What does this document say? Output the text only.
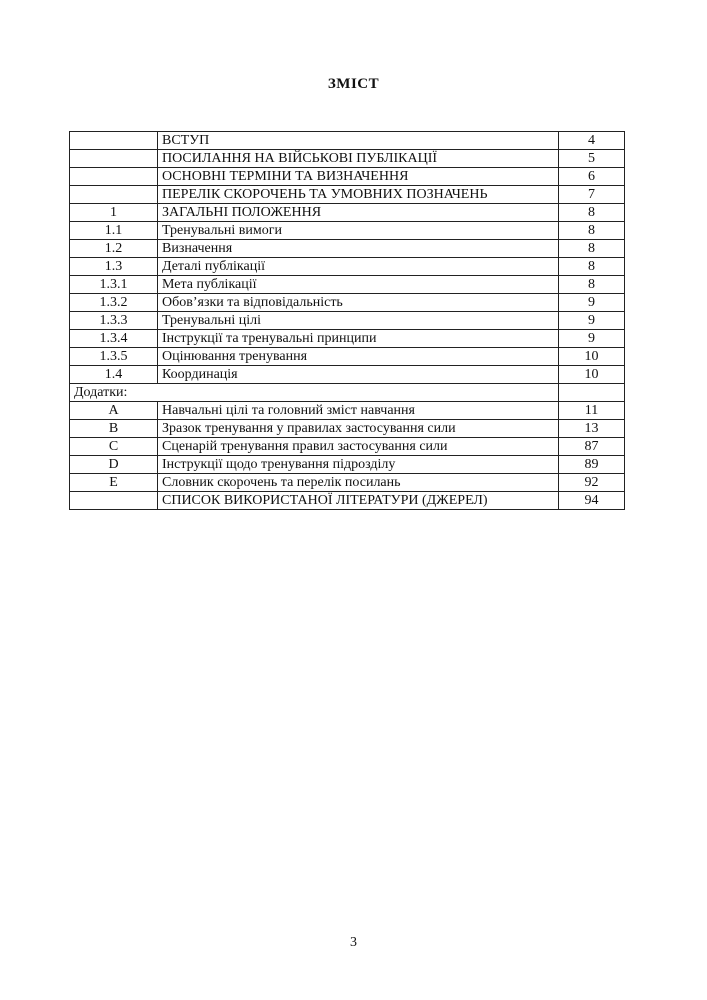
ЗМІСТ
	ВСТУП	4
	ПОСИЛАННЯ НА ВІЙСЬКОВІ ПУБЛІКАЦІЇ	5
	ОСНОВНІ ТЕРМІНИ ТА ВИЗНАЧЕННЯ	6
	ПЕРЕЛІК СКОРОЧЕНЬ ТА УМОВНИХ ПОЗНАЧЕНЬ	7
1	ЗАГАЛЬНІ ПОЛОЖЕННЯ	8
1.1	Тренувальні вимоги	8
1.2	Визначення	8
1.3	Деталі публікації	8
1.3.1	Мета публікації	8
1.3.2	Обов’язки та відповідальність	9
1.3.3	Тренувальні цілі	9
1.3.4	Інструкції та тренувальні принципи	9
1.3.5	Оцінювання тренування	10
1.4	Координація	10
Додатки:		
A	Навчальні цілі та головний зміст навчання	11
B	Зразок тренування у правилах застосування сили	13
C	Сценарій тренування правил застосування сили	87
D	Інструкції щодо тренування підрозділу	89
E	Словник скорочень та перелік посилань	92
	СПИСОК ВИКОРИСТАНОЇ ЛІТЕРАТУРИ (ДЖЕРЕЛ)	94
3
